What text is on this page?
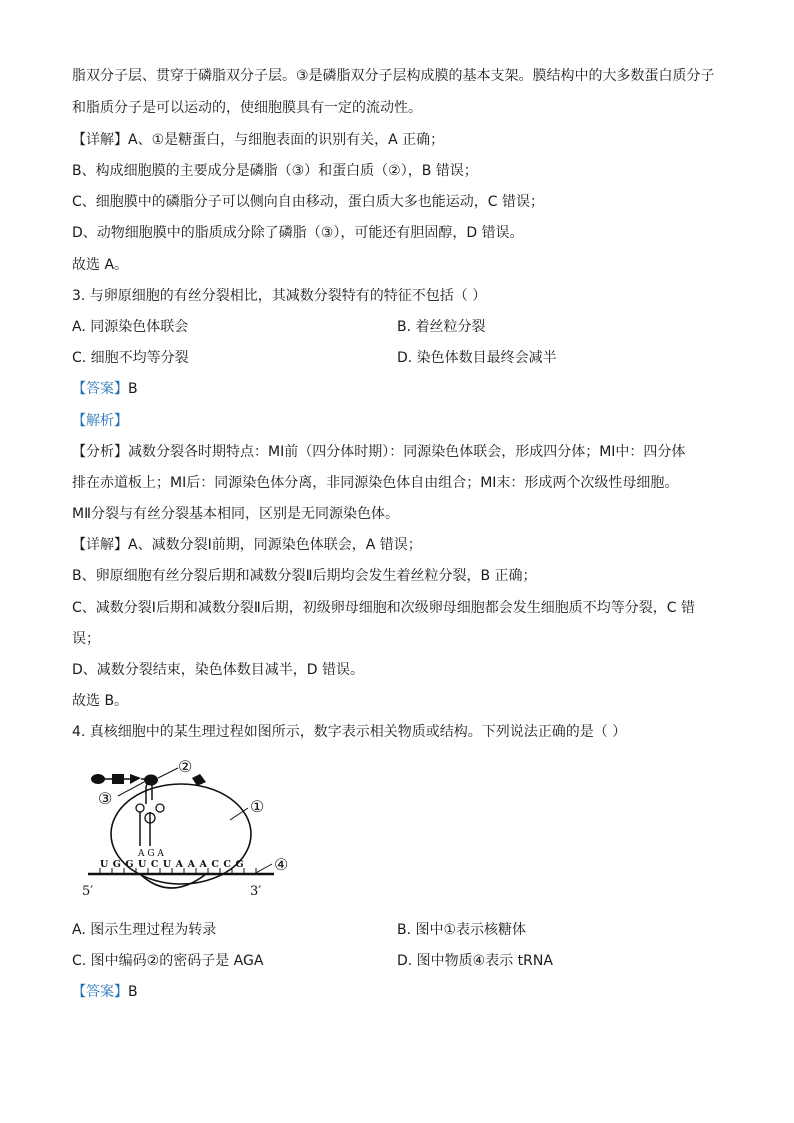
脂双分子层、贯穿于磷脂双分子层。③是磷脂双分子层构成膜的基本支架。膜结构中的大多数蛋白质分子
和脂质分子是可以运动的，使细胞膜具有一定的流动性。
【详解】A、①是糖蛋白，与细胞表面的识别有关，A 正确；
B、构成细胞膜的主要成分是磷脂（③）和蛋白质（②），B 错误；
C、细胞膜中的磷脂分子可以侧向自由移动，蛋白质大多也能运动，C 错误；
D、动物细胞膜中的脂质成分除了磷脂（③），可能还有胆固醇，D 错误。
故选 A。
3. 与卵原细胞的有丝分裂相比，其减数分裂特有的特征不包括（ ）
A. 同源染色体联会	B. 着丝粒分裂
C. 细胞不均等分裂	D. 染色体数目最终会减半
【答案】B
【解析】
【分析】减数分裂各时期特点：MⅠ前（四分体时期）：同源染色体联会，形成四分体；MⅠ中：四分体
排在赤道板上；MⅠ后：同源染色体分离，非同源染色体自由组合；MⅠ末：形成两个次级性母细胞。
MⅡ分裂与有丝分裂基本相同，区别是无同源染色体。
【详解】A、减数分裂Ⅰ前期，同源染色体联会，A 错误；
B、卵原细胞有丝分裂后期和减数分裂Ⅱ后期均会发生着丝粒分裂，B 正确；
C、减数分裂Ⅰ后期和减数分裂Ⅱ后期，初级卵母细胞和次级卵母细胞都会发生细胞质不均等分裂，C 错
误；
D、减数分裂结束，染色体数目减半，D 错误。
故选 B。
4. 真核细胞中的某生理过程如图所示，数字表示相关物质或结构。下列说法正确的是（ ）
U G G U C U A A A C C G
5′	3′
A G A
②
③	①
④
A. 图示生理过程为转录	B. 图中①表示核糖体
C. 图中编码②的密码子是 AGA	D. 图中物质④表示 tRNA
【答案】B
